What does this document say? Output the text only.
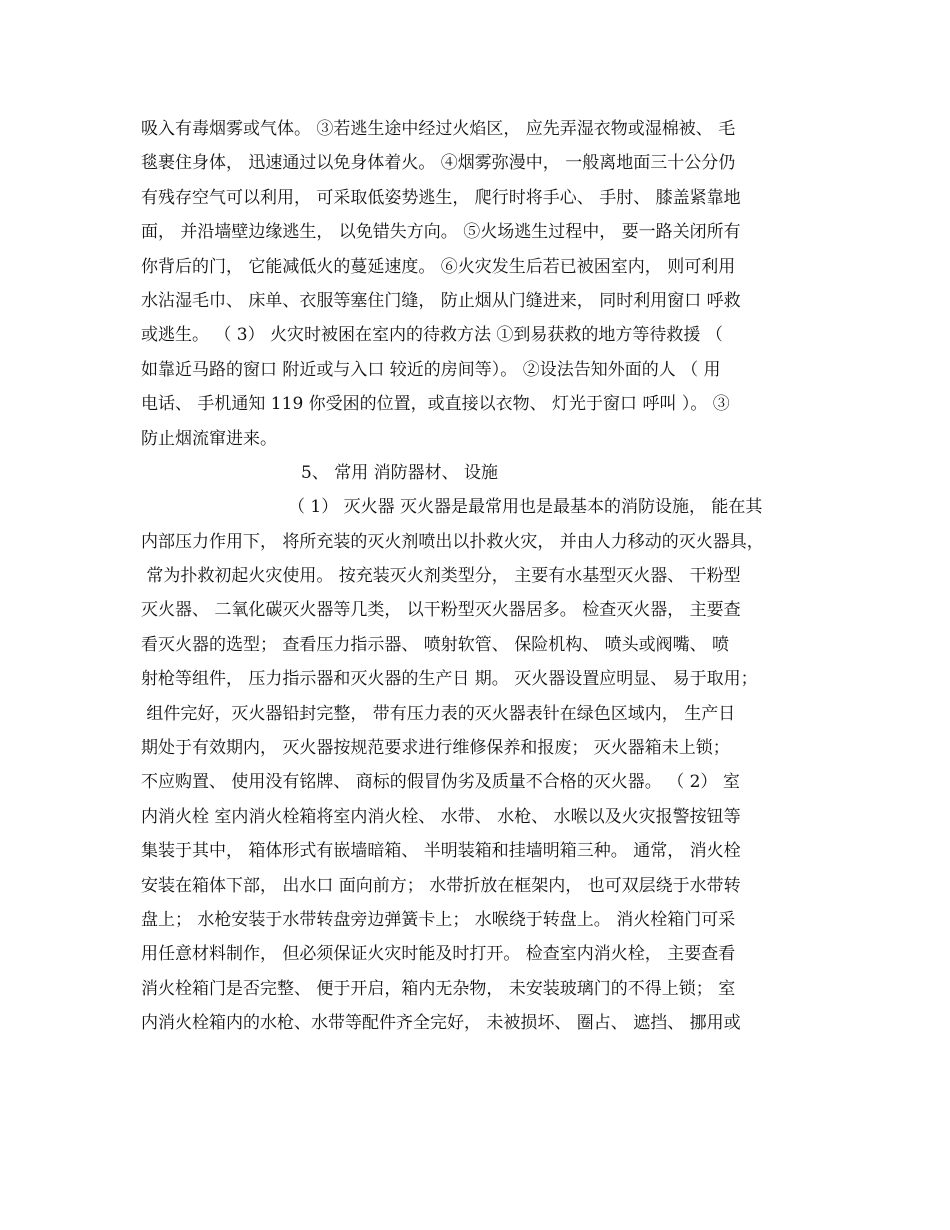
吸入有毒烟雾或气体。 ③若逃生途中经过火焰区， 应先弄湿衣物或湿棉被、 毛
毯裹住身体， 迅速通过以免身体着火。 ④烟雾弥漫中， 一般离地面三十公分仍
有残存空气可以利用， 可采取低姿势逃生， 爬行时将手心、 手肘、 膝盖紧靠地
面， 并沿墙壁边缘逃生， 以免错失方向。 ⑤火场逃生过程中， 要一路关闭所有
你背后的门， 它能减低火的蔓延速度。 ⑥火灾发生后若已被困室内， 则可利用
水沾湿毛巾、 床单、衣服等塞住门缝， 防止烟从门缝进来， 同时利用窗口 呼救
或逃生。 （ 3） 火灾时被困在室内的待救方法 ①到易获救的地方等待救援 （
如靠近马路的窗口 附近或与入口 较近的房间等）。 ②设法告知外面的人 （ 用
电话、 手机通知 119 你受困的位置，或直接以衣物、 灯光于窗口 呼叫 ）。 ③
防止烟流窜进来。
5、 常用 消防器材、 设施
（ 1） 灭火器 灭火器是最常用也是最基本的消防设施， 能在其
内部压力作用下， 将所充装的灭火剂喷出以扑救火灾， 并由人力移动的灭火器具，
常为扑救初起火灾使用。 按充装灭火剂类型分， 主要有水基型灭火器、 干粉型
灭火器、 二氧化碳灭火器等几类， 以干粉型灭火器居多。 检查灭火器， 主要查
看灭火器的选型； 查看压力指示器、 喷射软管、 保险机构、 喷头或阀嘴、 喷
射枪等组件， 压力指示器和灭火器的生产日 期。 灭火器设置应明显、 易于取用；
组件完好，灭火器铅封完整， 带有压力表的灭火器表针在绿色区域内， 生产日
期处于有效期内， 灭火器按规范要求进行维修保养和报废； 灭火器箱未上锁；
不应购置、 使用没有铭牌、 商标的假冒伪劣及质量不合格的灭火器。 （ 2） 室
内消火栓 室内消火栓箱将室内消火栓、 水带、 水枪、 水喉以及火灾报警按钮等
集装于其中， 箱体形式有嵌墙暗箱、 半明装箱和挂墙明箱三种。 通常， 消火栓
安装在箱体下部， 出水口 面向前方； 水带折放在框架内， 也可双层绕于水带转
盘上； 水枪安装于水带转盘旁边弹簧卡上； 水喉绕于转盘上。 消火栓箱门可采
用任意材料制作， 但必须保证火灾时能及时打开。 检查室内消火栓， 主要查看
消火栓箱门是否完整、 便于开启，箱内无杂物， 未安装玻璃门的不得上锁； 室
内消火栓箱内的水枪、水带等配件齐全完好， 未被损坏、 圈占、 遮挡、 挪用或
